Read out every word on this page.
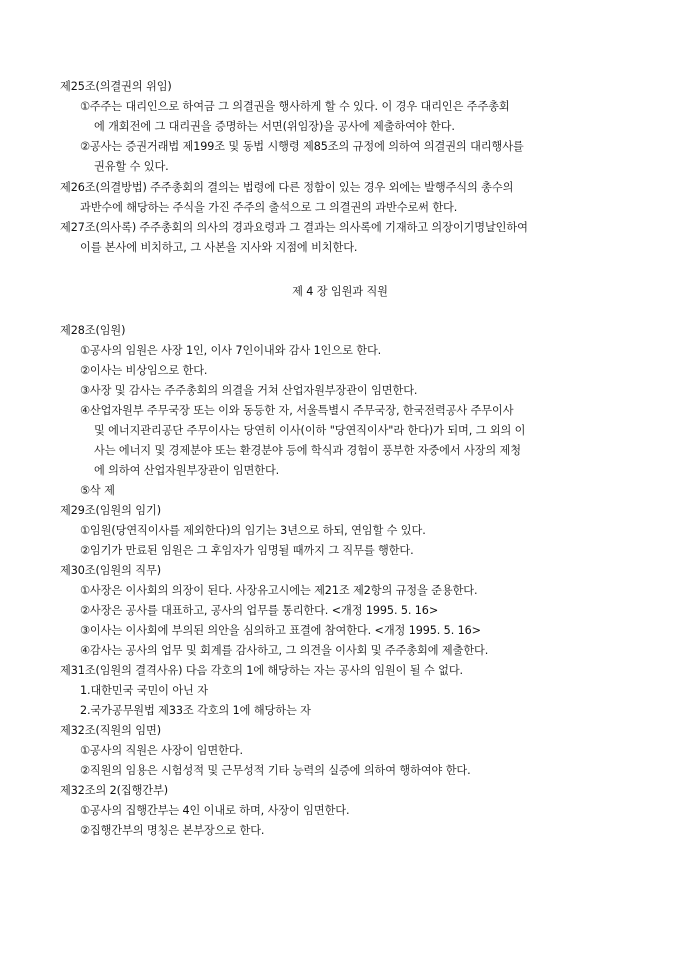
제25조(의결권의 위임)
①주주는 대리인으로 하여금 그 의결권을 행사하게 할 수 있다. 이 경우 대리인은 주주총회
에 개회전에 그 대리권을 증명하는 서면(위임장)을 공사에 제출하여야 한다.
②공사는 증권거래법 제199조 및 동법 시행령 제85조의 규정에 의하여 의결권의 대리행사를
권유할 수 있다.
제26조(의결방법) 주주총회의 결의는 법령에 다른 정함이 있는 경우 외에는 발행주식의 총수의
과반수에 해당하는 주식을 가진 주주의 출석으로 그 의결권의 과반수로써 한다.
제27조(의사록) 주주총회의 의사의 경과요령과 그 결과는 의사록에 기재하고 의장이기명날인하여
이를 본사에 비치하고, 그 사본을 지사와 지점에 비치한다.
제 4 장 임원과 직원
제28조(임원)
①공사의 임원은 사장 1인, 이사 7인이내와 감사 1인으로 한다.
②이사는 비상임으로 한다.
③사장 및 감사는 주주총회의 의결을 거쳐 산업자원부장관이 임면한다.
④산업자원부 주무국장 또는 이와 동등한 자, 서울특별시 주무국장, 한국전력공사 주무이사
및 에너지관리공단 주무이사는 당연히 이사(이하 "당연직이사"라 한다)가 되며, 그 외의 이
사는 에너지 및 경제분야 또는 환경분야 등에 학식과 경험이 풍부한 자중에서 사장의 제청
에 의하여 산업자원부장관이 임면한다.
⑤삭 제
제29조(임원의 임기)
①임원(당연직이사를 제외한다)의 임기는 3년으로 하되, 연임할 수 있다.
②임기가 만료된 임원은 그 후임자가 임명될 때까지 그 직무를 행한다.
제30조(임원의 직무)
①사장은 이사회의 의장이 된다. 사장유고시에는 제21조 제2항의 규정을 준용한다.
②사장은 공사를 대표하고, 공사의 업무를 통리한다. <개정 1995. 5. 16>
③이사는 이사회에 부의된 의안을 심의하고 표결에 참여한다. <개정 1995. 5. 16>
④감사는 공사의 업무 및 회계를 감사하고, 그 의견을 이사회 및 주주총회에 제출한다.
제31조(임원의 결격사유) 다음 각호의 1에 해당하는 자는 공사의 임원이 될 수 없다.
1.대한민국 국민이 아닌 자
2.국가공무원법 제33조 각호의 1에 해당하는 자
제32조(직원의 임면)
①공사의 직원은 사장이 임면한다.
②직원의 임용은 시험성적 및 근무성적 기타 능력의 실증에 의하여 행하여야 한다.
제32조의 2(집행간부)
①공사의 집행간부는 4인 이내로 하며, 사장이 임면한다.
②집행간부의 명칭은 본부장으로 한다.
